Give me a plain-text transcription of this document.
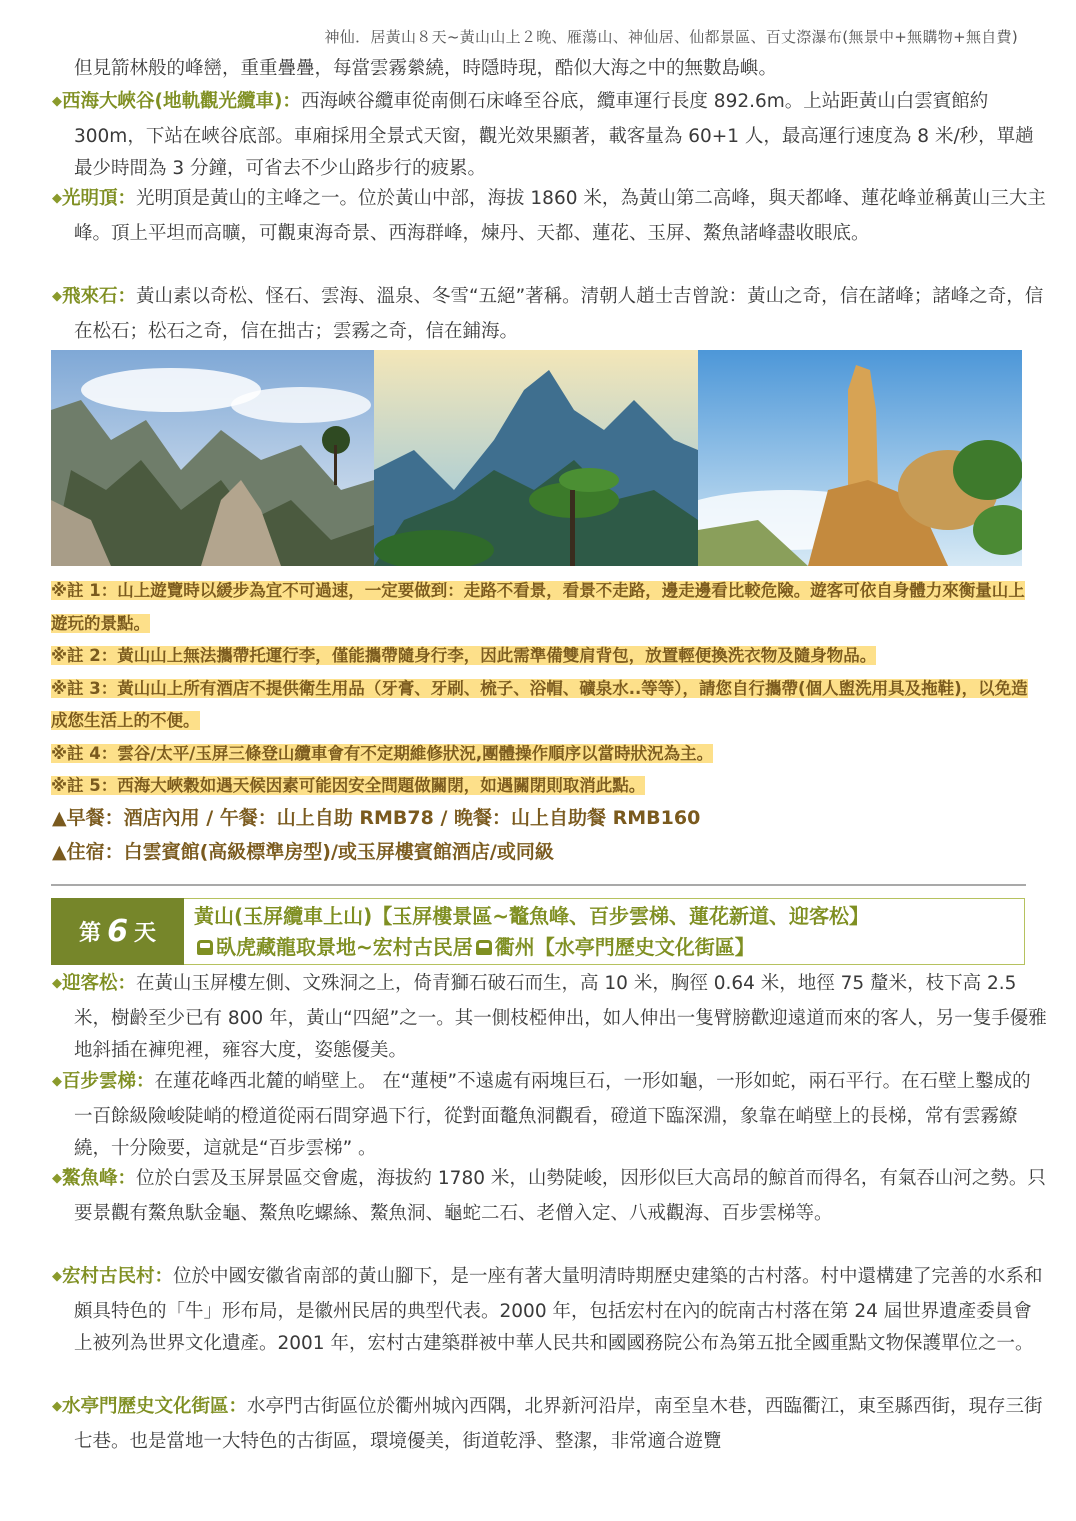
神仙．居黃山８天~黃山山上２晚、雁蕩山、神仙居、仙都景區、百丈漈瀑布(無景中+無購物+無自費)
但見箭林般的峰巒，重重疊疊，每當雲霧縈繞，時隱時現，酷似大海之中的無數島嶼。
◆西海大峽谷(地軌觀光纜車)：西海峽谷纜車從南側石床峰至谷底，纜車運行長度 892.6m。上站距黃山白雲賓館約 300m，下站在峽谷底部。車廂採用全景式天窗，觀光效果顯著，載客量為 60+1 人，最高運行速度為 8 米/秒，單趟最少時間為 3 分鐘，可省去不少山路步行的疲累。
◆光明頂：光明頂是黃山的主峰之一。位於黃山中部，海拔 1860 米，為黃山第二高峰，與天都峰、蓮花峰並稱黃山三大主峰。頂上平坦而高曠，可觀東海奇景、西海群峰，煉丹、天都、蓮花、玉屏、鰲魚諸峰盡收眼底。
◆飛來石：黃山素以奇松、怪石、雲海、溫泉、冬雪“五絕”著稱。清朝人趙士吉曾說：黃山之奇，信在諸峰；諸峰之奇，信在松石；松石之奇，信在拙古；雲霧之奇，信在鋪海。
※註 1：山上遊覽時以緩步為宜不可過速，一定要做到：走路不看景，看景不走路，邊走邊看比較危險。遊客可依自身體力來衡量山上遊玩的景點。
※註 2：黃山山上無法攜帶托運行李，僅能攜帶隨身行李，因此需準備雙肩背包，放置輕便換洗衣物及隨身物品。
※註 3：黃山山上所有酒店不提供衛生用品（牙膏、牙刷、梳子、浴帽、礦泉水..等等），請您自行攜帶(個人盥洗用具及拖鞋)，以免造成您生活上的不便。
※註 4：雲谷/太平/玉屏三條登山纜車會有不定期維修狀況,團體操作順序以當時狀況為主。
※註 5：西海大峽穀如遇天候因素可能因安全問題做關閉，如遇關閉則取消此點。
▲早餐：酒店內用 / 午餐：山上自助 RMB78 / 晚餐：山上自助餐 RMB160
▲住宿：白雲賓館(高級標準房型)/或玉屏樓賓館酒店/或同級
第 6 天
黃山(玉屏纜車上山)【玉屏樓景區~鼇魚峰、百步雲梯、蓮花新道、迎客松】
臥虎藏龍取景地~宏村古民居 衢州【水亭門歷史文化街區】
◆迎客松：在黃山玉屏樓左側、文殊洞之上，倚青獅石破石而生，高 10 米，胸徑 0.64 米，地徑 75 釐米，枝下高 2.5 米，樹齡至少已有 800 年，黃山“四絕”之一。其一側枝椏伸出，如人伸出一隻臂膀歡迎遠道而來的客人，另一隻手優雅地斜插在褲兜裡，雍容大度，姿態優美。
◆百步雲梯：在蓮花峰西北麓的峭壁上。 在“蓮梗”不遠處有兩塊巨石，一形如龜，一形如蛇，兩石平行。在石壁上鑿成的一百餘級險峻陡峭的橙道從兩石間穿過下行，從對面鼇魚洞觀看，磴道下臨深淵，象靠在峭壁上的長梯，常有雲霧繚繞，十分險要，這就是“百步雲梯” 。
◆鰲魚峰：位於白雲及玉屏景區交會處，海拔約 1780 米，山勢陡峻，因形似巨大高昂的鯨首而得名，有氣吞山河之勢。只要景觀有鰲魚馱金龜、鰲魚吃螺絲、鰲魚洞、龜蛇二石、老僧入定、八戒觀海、百步雲梯等。
◆宏村古民村：位於中國安徽省南部的黃山腳下，是一座有著大量明清時期歷史建築的古村落。村中還構建了完善的水系和頗具特色的「牛」形布局，是徽州民居的典型代表。2000 年，包括宏村在內的皖南古村落在第 24 屆世界遺產委員會上被列為世界文化遺產。2001 年，宏村古建築群被中華人民共和國國務院公布為第五批全國重點文物保護單位之一。
◆水亭門歷史文化街區：水亭門古街區位於衢州城內西隅，北界新河沿岸，南至皇木巷，西臨衢江，東至縣西街，現存三街七巷。也是當地一大特色的古街區，環境優美，街道乾淨、整潔，非常適合遊覽
